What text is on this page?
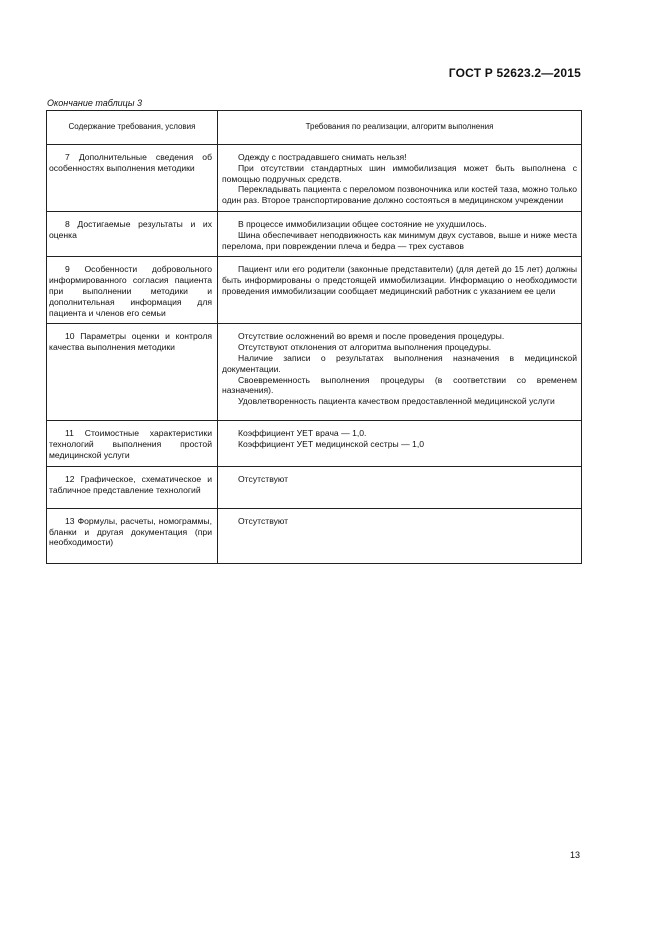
ГОСТ Р 52623.2—2015
Окончание таблицы 3
Содержание требования, условия	Требования по реализации, алгоритм выполнения

7 Дополнительные сведения об особенностях выполнения методики	Одежду с пострадавшего снимать нельзя!

При отсутствии стандартных шин иммобилизация может быть выполнена с помощью подручных средств.

Перекладывать пациента с переломом позвоночника или костей таза, можно только один раз. Второе транспортирование должно состояться в медицинском учреждении

8 Достигаемые результаты и их оценка	В процессе иммобилизации общее состояние не ухудшилось.

Шина обеспечивает неподвижность как минимум двух суставов, выше и ниже места перелома, при повреждении плеча и бедра — трех суставов

9 Особенности добровольного информированного согласия пациента при выполнении методики и дополнительная информация для пациента и членов его семьи	Пациент или его родители (законные представители) (для детей до 15 лет) должны быть информированы о предстоящей иммобилизации. Информацию о необходимости проведения иммобилизации сообщает медицинский работник с указанием ее цели

10 Параметры оценки и контроля качества выполнения методики	Отсутствие осложнений во время и после проведения процедуры.

Отсутствуют отклонения от алгоритма выполнения процедуры.

Наличие записи о результатах выполнения назначения в медицинской документации.

Своевременность выполнения процедуры (в соответствии со временем назначения).

Удовлетворенность пациента качеством предоставленной медицинской услуги

11 Стоимостные характеристики технологий выполнения простой медицинской услуги	Коэффициент УЕТ врача — 1,0.

Коэффициент УЕТ медицинской сестры — 1,0

12 Графическое, схематическое и табличное представление технологий	Отсутствуют

13 Формулы, расчеты, номограммы, бланки и другая документация (при необходимости)	Отсутствуют

13
